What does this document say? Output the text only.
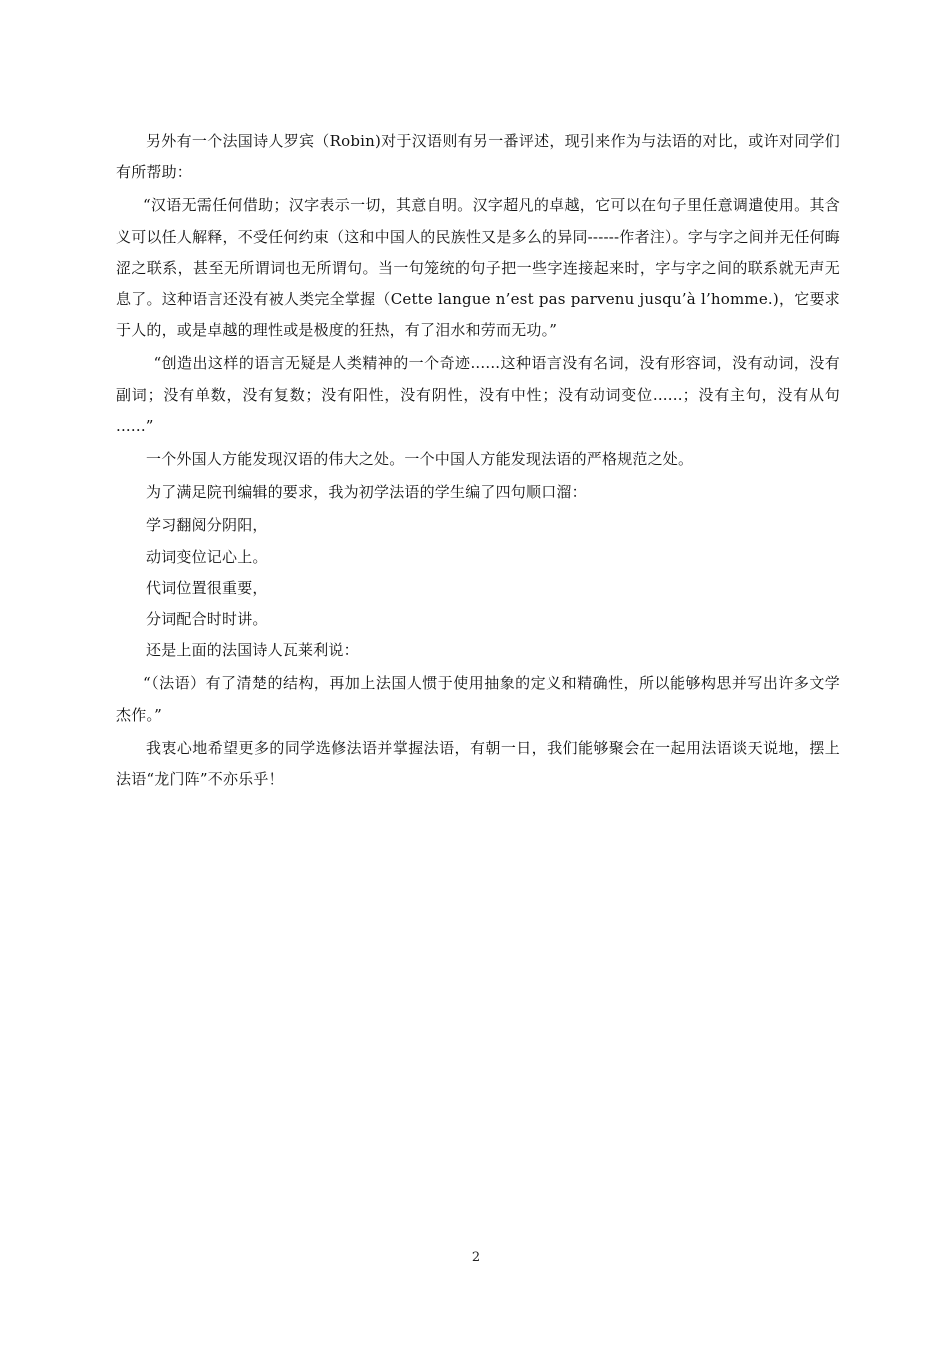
另外有一个法国诗人罗宾（Robin)对于汉语则有另一番评述，现引来作为与法语的对比，或许对同学们有所帮助：

“汉语无需任何借助；汉字表示一切，其意自明。汉字超凡的卓越，它可以在句子里任意调遣使用。其含义可以任人解释，不受任何约束（这和中国人的民族性又是多么的异同------作者注）。字与字之间并无任何晦涩之联系，甚至无所谓词也无所谓句。当一句笼统的句子把一些字连接起来时，字与字之间的联系就无声无息了。这种语言还没有被人类完全掌握（Cette langue n’est pas parvenu jusqu’à l’homme.)，它要求于人的，或是卓越的理性或是极度的狂热，有了泪水和劳而无功。”

“创造出这样的语言无疑是人类精神的一个奇迹......这种语言没有名词，没有形容词，没有动词，没有副词；没有单数，没有复数；没有阳性，没有阴性，没有中性；没有动词变位......；没有主句，没有从句 ......”

一个外国人方能发现汉语的伟大之处。一个中国人方能发现法语的严格规范之处。

为了满足院刊编辑的要求，我为初学法语的学生编了四句顺口溜：

学习翻阅分阴阳，

动词变位记心上。

代词位置很重要，

分词配合时时讲。

还是上面的法国诗人瓦莱利说：

“（法语）有了清楚的结构，再加上法国人惯于使用抽象的定义和精确性，所以能够构思并写出许多文学杰作。”

我衷心地希望更多的同学选修法语并掌握法语，有朝一日，我们能够聚会在一起用法语谈天说地，摆上法语“龙门阵”不亦乐乎！

2
